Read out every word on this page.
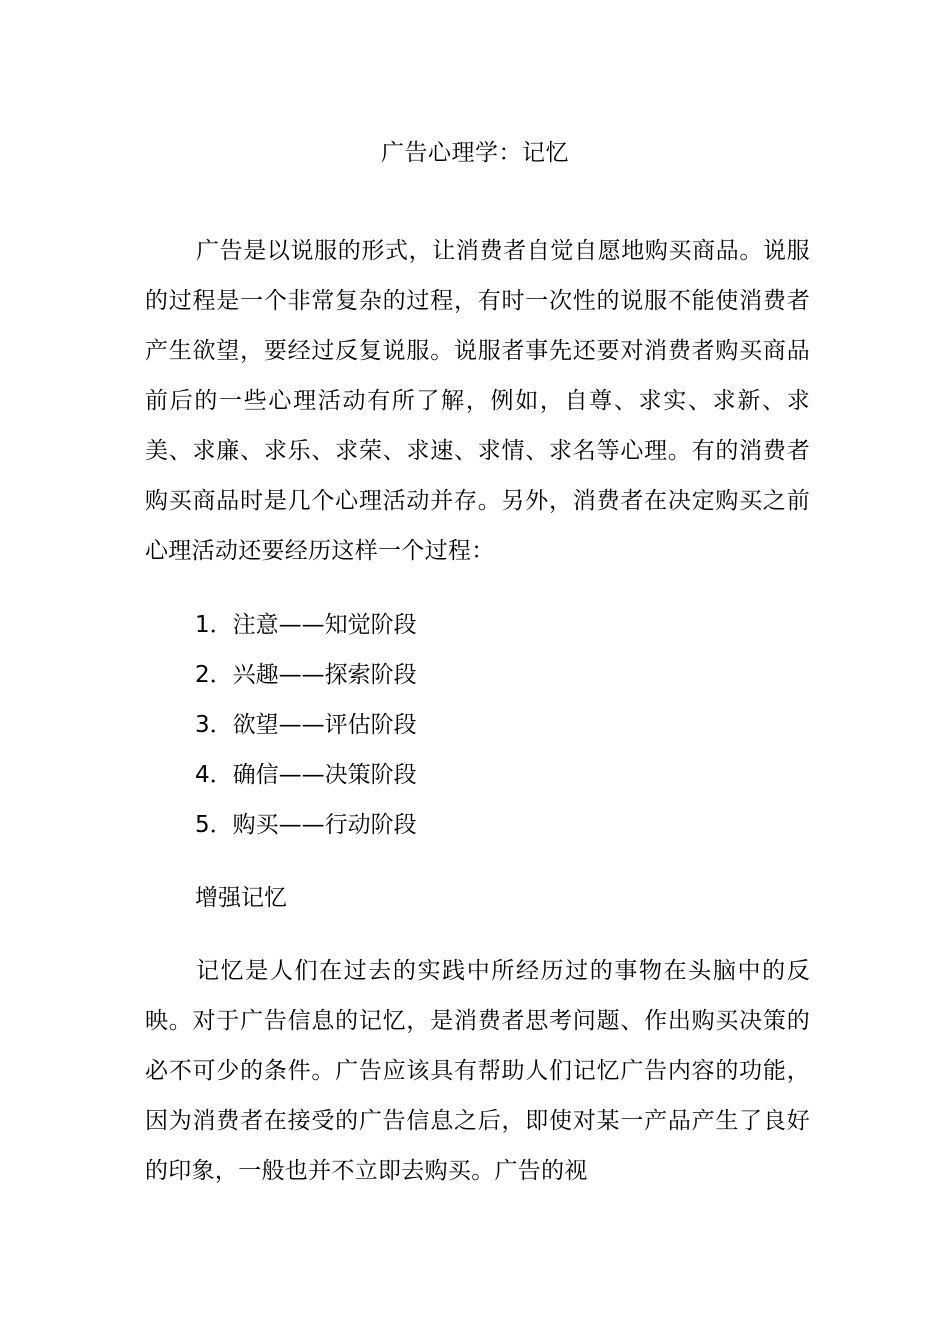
广告心理学：记忆

广告是以说服的形式，让消费者自觉自愿地购买商品。说服的过程是一个非常复杂的过程，有时一次性的说服不能使消费者产生欲望，要经过反复说服。说服者事先还要对消费者购买商品前后的一些心理活动有所了解，例如，自尊、求实、求新、求美、求廉、求乐、求荣、求速、求情、求名等心理。有的消费者购买商品时是几个心理活动并存。另外，消费者在决定购买之前心理活动还要经历这样一个过程：

1．注意——知觉阶段
2．兴趣——探索阶段
3．欲望——评估阶段
4．确信——决策阶段
5．购买——行动阶段
增强记忆

记忆是人们在过去的实践中所经历过的事物在头脑中的反映。对于广告信息的记忆，是消费者思考问题、作出购买决策的必不可少的条件。广告应该具有帮助人们记忆广告内容的功能，因为消费者在接受的广告信息之后，即使对某一产品产生了良好的印象，一般也并不立即去购买。广告的视
